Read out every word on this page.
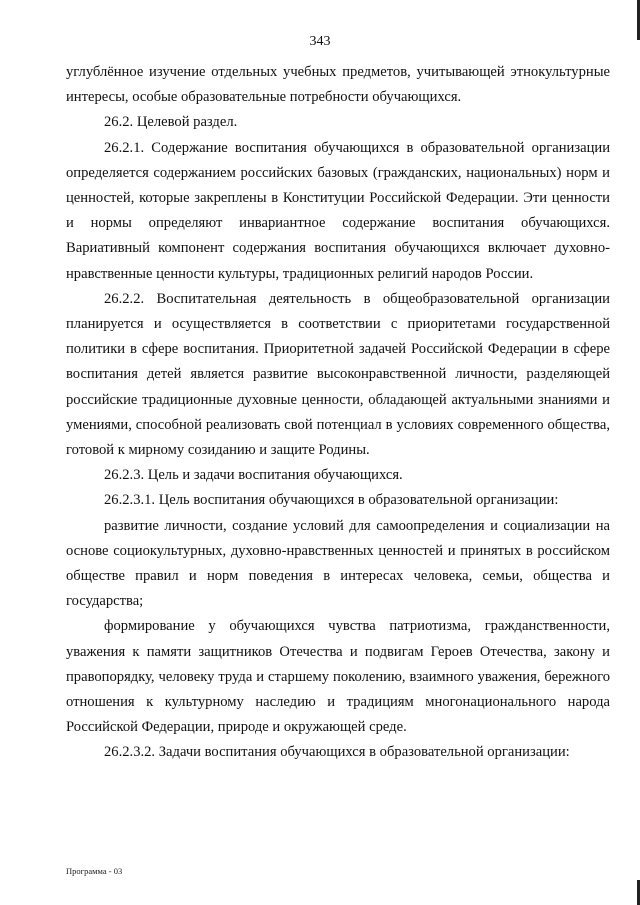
343

углублённое изучение отдельных учебных предметов, учитывающей этнокультурные интересы, особые образовательные потребности обучающихся.

26.2. Целевой раздел.

26.2.1. Содержание воспитания обучающихся в образовательной организации определяется содержанием российских базовых (гражданских, национальных) норм и ценностей, которые закреплены в Конституции Российской Федерации. Эти ценности и нормы определяют инвариантное содержание воспитания обучающихся. Вариативный компонент содержания воспитания обучающихся включает духовно-нравственные ценности культуры, традиционных религий народов России.

26.2.2. Воспитательная деятельность в общеобразовательной организации планируется и осуществляется в соответствии с приоритетами государственной политики в сфере воспитания. Приоритетной задачей Российской Федерации в сфере воспитания детей является развитие высоконравственной личности, разделяющей российские традиционные духовные ценности, обладающей актуальными знаниями и умениями, способной реализовать свой потенциал в условиях современного общества, готовой к мирному созиданию и защите Родины.

26.2.3. Цель и задачи воспитания обучающихся.

26.2.3.1. Цель воспитания обучающихся в образовательной организации:

развитие личности, создание условий для самоопределения и социализации на основе социокультурных, духовно-нравственных ценностей и принятых в российском обществе правил и норм поведения в интересах человека, семьи, общества и государства;

формирование у обучающихся чувства патриотизма, гражданственности, уважения к памяти защитников Отечества и подвигам Героев Отечества, закону и правопорядку, человеку труда и старшему поколению, взаимного уважения, бережного отношения к культурному наследию и традициям многонационального народа Российской Федерации, природе и окружающей среде.

26.2.3.2. Задачи воспитания обучающихся в образовательной организации:

Программа - 03
